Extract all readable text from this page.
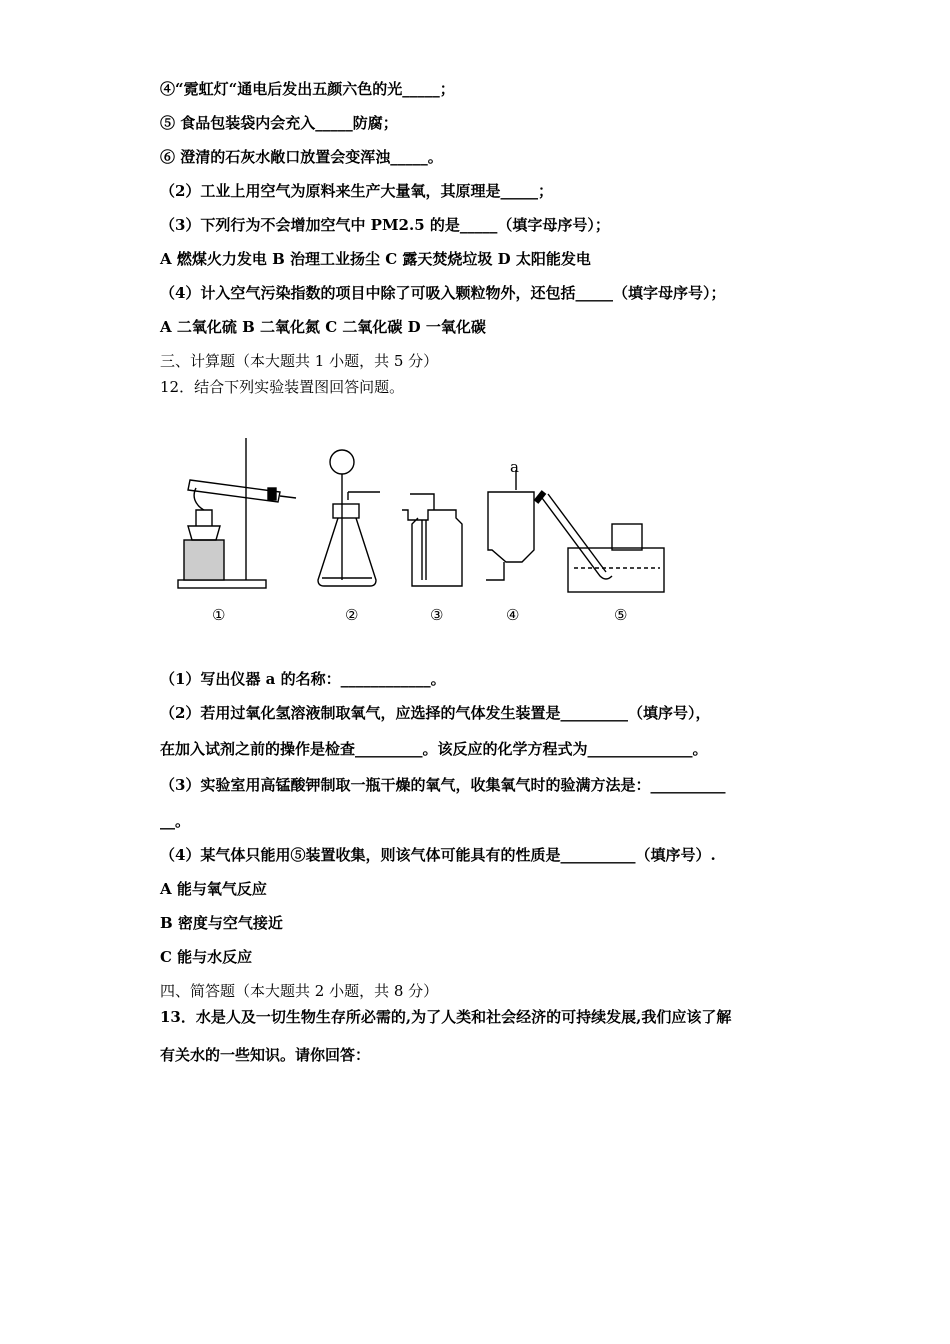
④“霓虹灯“通电后发出五颜六色的光_____；
⑤ 食品包装袋内会充入_____防腐；
⑥ 澄清的石灰水敞口放置会变浑浊_____。
（2）工业上用空气为原料来生产大量氧，其原理是_____；
（3）下列行为不会增加空气中 PM2.5 的是_____（填字母序号）；
A 燃煤火力发电 B 治理工业扬尘 C 露天焚烧垃圾 D 太阳能发电
（4）计入空气污染指数的项目中除了可吸入颗粒物外，还包括_____（填字母序号）；
A 二氧化硫 B 二氧化氮 C 二氧化碳 D 一氧化碳
三、计算题（本大题共 1 小题，共 5 分）
12．结合下列实验装置图回答问题。
a
①	②	③	④	⑤
（1）写出仪器 a 的名称：____________。
（2）若用过氧化氢溶液制取氧气，应选择的气体发生装置是_________（填序号），
在加入试剂之前的操作是检查_________。该反应的化学方程式为______________。
（3）实验室用高锰酸钾制取一瓶干燥的氧气，收集氧气时的验满方法是：__________
__。
（4）某气体只能用⑤装置收集，则该气体可能具有的性质是__________（填序号）.
A 能与氧气反应
B 密度与空气接近
C 能与水反应
四、简答题（本大题共 2 小题，共 8 分）
13．水是人及一切生物生存所必需的,为了人类和社会经济的可持续发展,我们应该了解
有关水的一些知识。请你回答：
